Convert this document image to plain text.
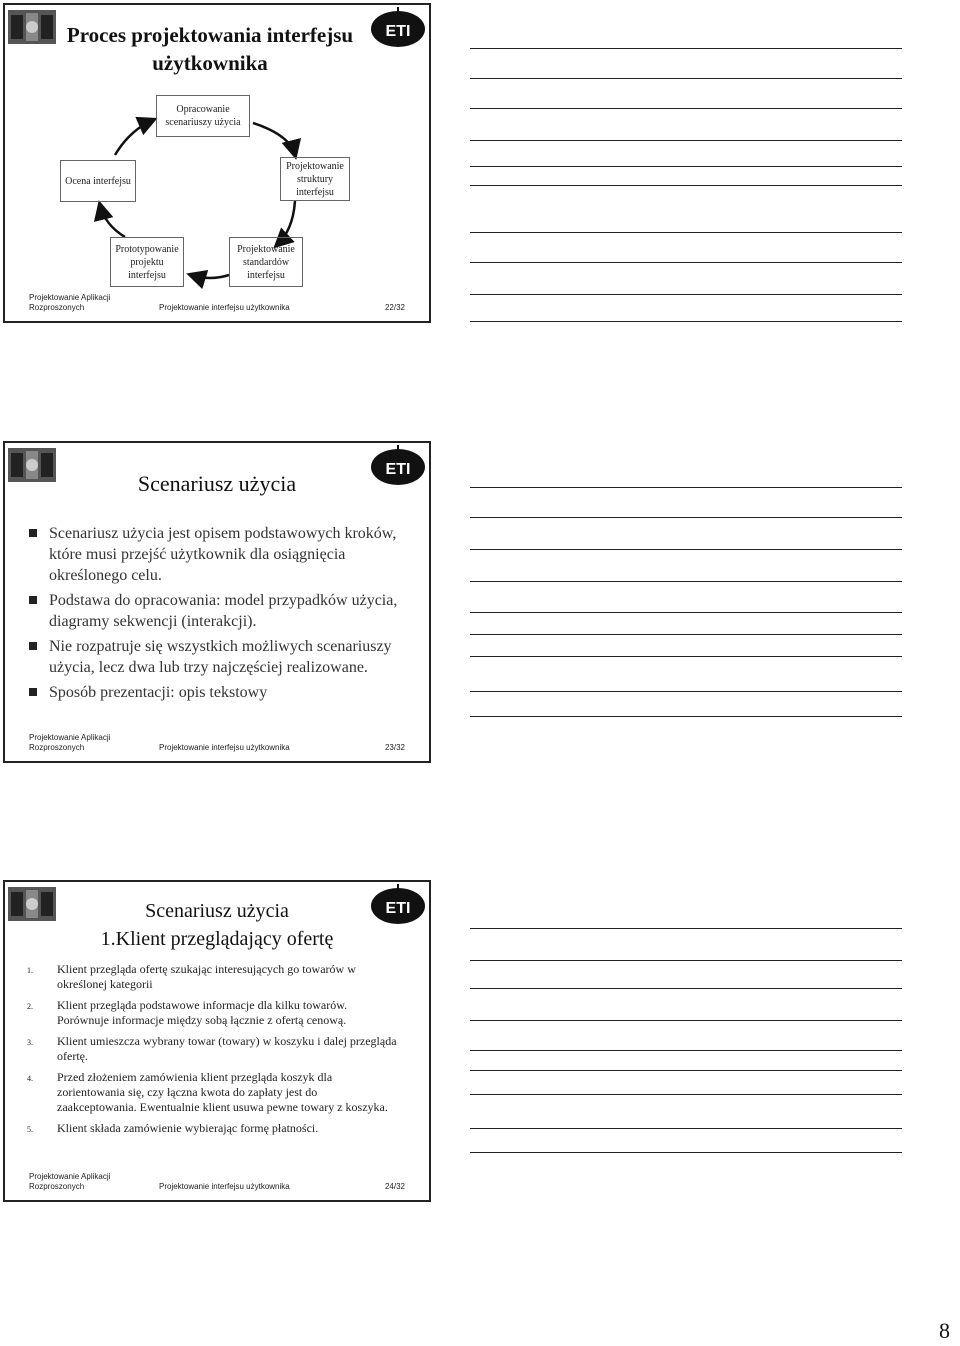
ETI
Proces projektowania interfejsu użytkownika
Opracowanie scenariuszy użycia
Projektowanie struktury interfejsu
Projektowanie standardów interfejsu
Prototypowanie projektu interfejsu
Ocena interfejsu
Projektowanie Aplikacji Rozproszonych	Projektowanie interfejsu użytkownika	22/32
ETI
Scenariusz użycia
Scenariusz użycia jest opisem podstawowych kroków, które musi przejść użytkownik dla osiągnięcia określonego celu.
Podstawa do opracowania: model przypadków użycia, diagramy sekwencji (interakcji).
Nie rozpatruje się wszystkich możliwych scenariuszy użycia, lecz dwa lub trzy najczęściej realizowane.
Sposób prezentacji: opis tekstowy
Projektowanie Aplikacji Rozproszonych	Projektowanie interfejsu użytkownika	23/32
ETI
Scenariusz użycia
1.Klient przeglądający ofertę
1. Klient przegląda ofertę szukając interesujących go towarów w określonej kategorii
2. Klient przegląda podstawowe informacje dla kilku towarów. Porównuje informacje między sobą łącznie z ofertą cenową.
3. Klient umieszcza wybrany towar (towary) w koszyku i dalej przegląda ofertę.
4. Przed złożeniem zamówienia klient przegląda koszyk dla zorientowania się, czy łączna kwota do zapłaty jest do zaakceptowania. Ewentualnie klient usuwa pewne towary z koszyka.
5. Klient składa zamówienie wybierając formę płatności.
Projektowanie Aplikacji Rozproszonych	Projektowanie interfejsu użytkownika	24/32
8
